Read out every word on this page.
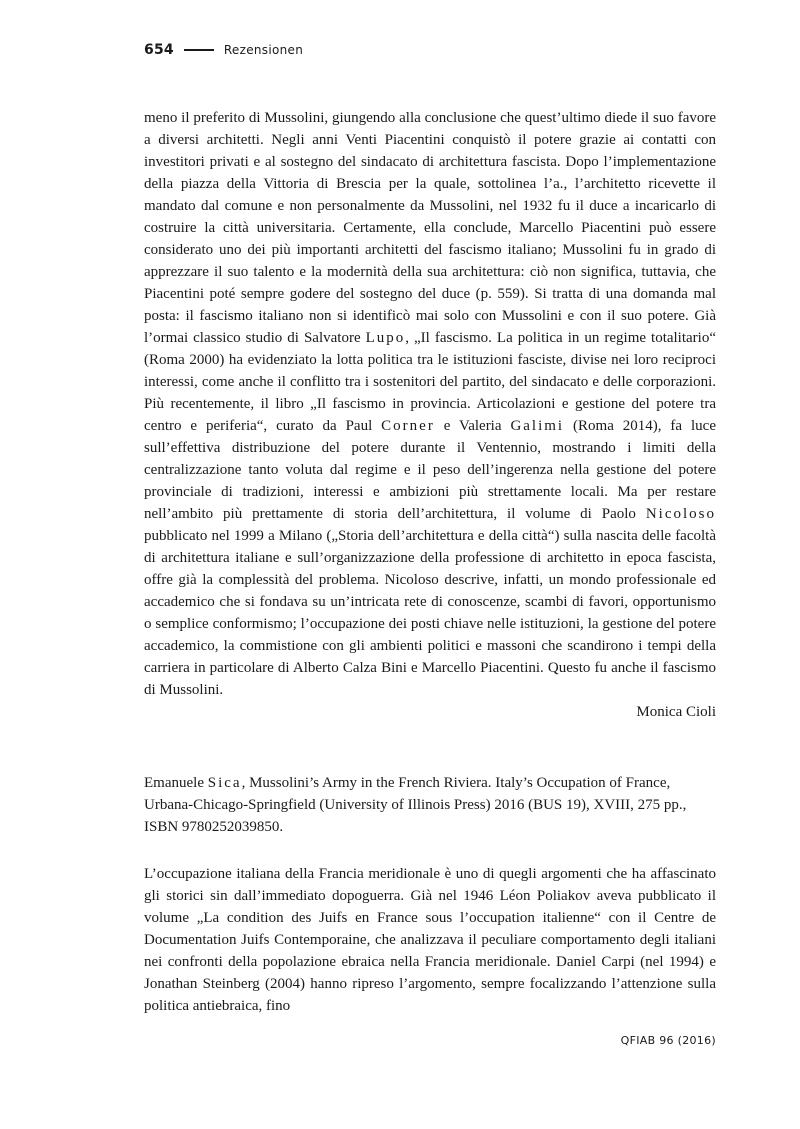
654	Rezensionen

meno il preferito di Mussolini, giungendo alla conclusione che quest’ultimo diede il suo favore a diversi architetti. Negli anni Venti Piacentini conquistò il potere grazie ai contatti con investitori privati e al sostegno del sindacato di architettura fascista. Dopo l’implementazione della piazza della Vittoria di Brescia per la quale, sottolinea l’a., l’architetto ricevette il mandato dal comune e non personalmente da Mussolini, nel 1932 fu il duce a incaricarlo di costruire la città universitaria. Certamente, ella conclude, Marcello Piacentini può essere considerato uno dei più importanti architetti del fascismo italiano; Mussolini fu in grado di apprezzare il suo talento e la modernità della sua architettura: ciò non significa, tuttavia, che Piacentini poté sempre godere del sostegno del duce (p. 559). Si tratta di una domanda mal posta: il fascismo italiano non si identificò mai solo con Mussolini e con il suo potere. Già l’ormai classico studio di Salvatore Lupo, „Il fascismo. La politica in un regime totalitario“ (Roma 2000) ha evidenziato la lotta politica tra le istituzioni fasciste, divise nei loro reciproci interessi, come anche il conflitto tra i sostenitori del partito, del sindacato e delle corporazioni. Più recentemente, il libro „Il fascismo in provincia. Articolazioni e gestione del potere tra centro e periferia“, curato da Paul Corner e Valeria Galimi (Roma 2014), fa luce sull’effettiva distribuzione del potere durante il Ventennio, mostrando i limiti della centralizzazione tanto voluta dal regime e il peso dell’ingerenza nella gestione del potere provinciale di tradizioni, interessi e ambizioni più strettamente locali. Ma per restare nell’ambito più prettamente di storia dell’architettura, il volume di Paolo Nicoloso pubblicato nel 1999 a Milano („Storia dell’architettura e della città“) sulla nascita delle facoltà di architettura italiane e sull’organizzazione della professione di architetto in epoca fascista, offre già la complessità del problema. Nicoloso descrive, infatti, un mondo professionale ed accademico che si fondava su un’intricata rete di conoscenze, scambi di favori, opportunismo o semplice conformismo; l’occupazione dei posti chiave nelle istituzioni, la gestione del potere accademico, la commistione con gli ambienti politici e massoni che scandirono i tempi della carriera in particolare di Alberto Calza Bini e Marcello Piacentini. Questo fu anche il fascismo di Mussolini.

Monica Cioli

Emanuele Sica, Mussolini’s Army in the French Riviera. Italy’s Occupation of France, Urbana-Chicago-Springfield (University of Illinois Press) 2016 (BUS 19), XVIII, 275 pp., ISBN 9780252039850.

L’occupazione italiana della Francia meridionale è uno di quegli argomenti che ha affascinato gli storici sin dall’immediato dopoguerra. Già nel 1946 Léon Poliakov aveva pubblicato il volume „La condition des Juifs en France sous l’occupation italienne“ con il Centre de Documentation Juifs Contemporaine, che analizzava il peculiare comportamento degli italiani nei confronti della popolazione ebraica nella Francia meridionale. Daniel Carpi (nel 1994) e Jonathan Steinberg (2004) hanno ripreso l’argomento, sempre focalizzando l’attenzione sulla politica antiebraica, fino

QFIAB 96 (2016)
